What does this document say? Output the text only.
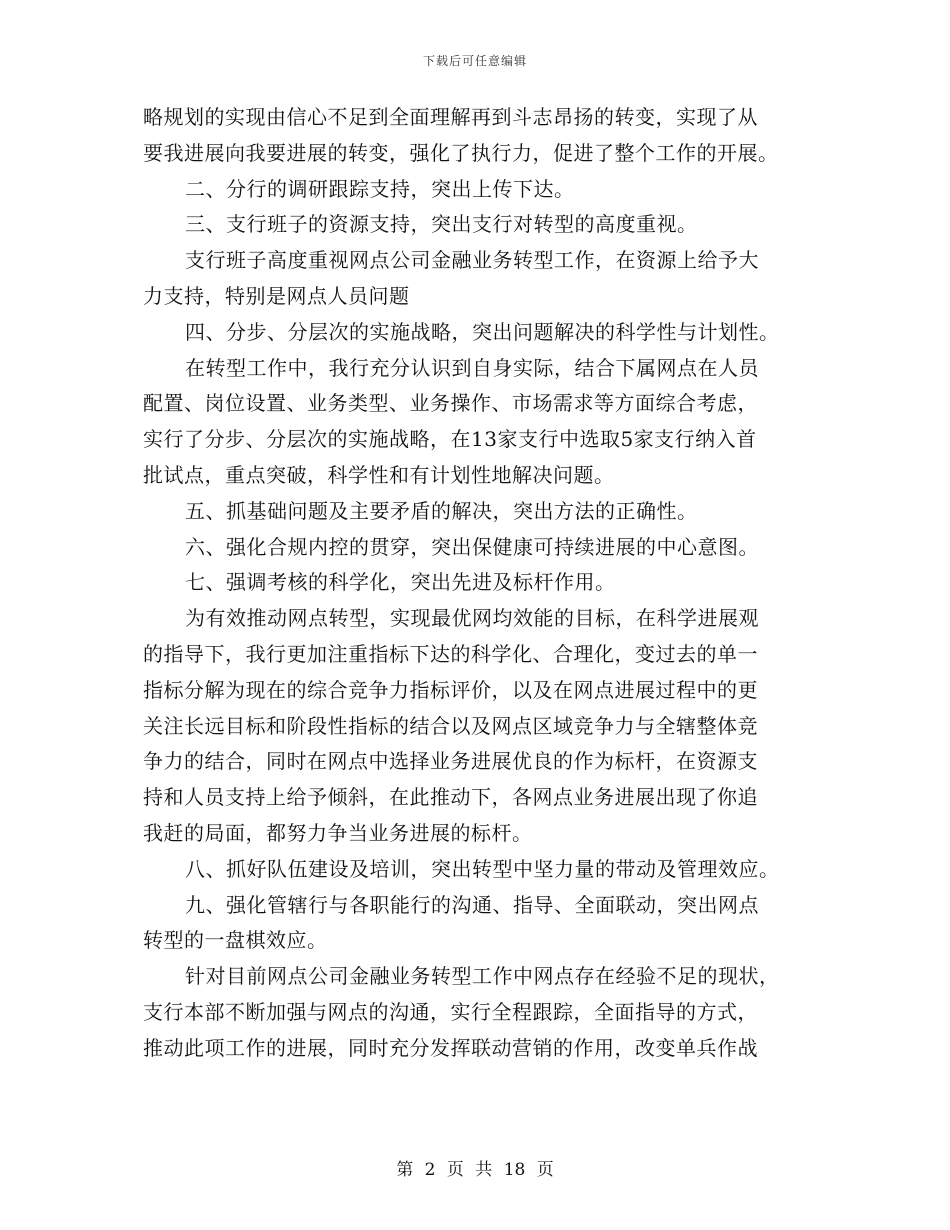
下载后可任意编辑
略规划的实现由信心不足到全面理解再到斗志昂扬的转变，实现了从
要我进展向我要进展的转变，强化了执行力，促进了整个工作的开展。
二、分行的调研跟踪支持，突出上传下达。
三、支行班子的资源支持，突出支行对转型的高度重视。
支行班子高度重视网点公司金融业务转型工作，在资源上给予大
力支持，特别是网点人员问题
四、分步、分层次的实施战略，突出问题解决的科学性与计划性。
在转型工作中，我行充分认识到自身实际，结合下属网点在人员
配置、岗位设置、业务类型、业务操作、市场需求等方面综合考虑，
实行了分步、分层次的实施战略，在13家支行中选取5家支行纳入首
批试点，重点突破，科学性和有计划性地解决问题。
五、抓基础问题及主要矛盾的解决，突出方法的正确性。
六、强化合规内控的贯穿，突出保健康可持续进展的中心意图。
七、强调考核的科学化，突出先进及标杆作用。
为有效推动网点转型，实现最优网均效能的目标，在科学进展观
的指导下，我行更加注重指标下达的科学化、合理化，变过去的单一
指标分解为现在的综合竞争力指标评价，以及在网点进展过程中的更
关注长远目标和阶段性指标的结合以及网点区域竞争力与全辖整体竞
争力的结合，同时在网点中选择业务进展优良的作为标杆，在资源支
持和人员支持上给予倾斜，在此推动下，各网点业务进展出现了你追
我赶的局面，都努力争当业务进展的标杆。
八、抓好队伍建设及培训，突出转型中坚力量的带动及管理效应。
九、强化管辖行与各职能行的沟通、指导、全面联动，突出网点
转型的一盘棋效应。
针对目前网点公司金融业务转型工作中网点存在经验不足的现状，
支行本部不断加强与网点的沟通，实行全程跟踪，全面指导的方式，
推动此项工作的进展，同时充分发挥联动营销的作用，改变单兵作战
第 2 页 共 18 页
